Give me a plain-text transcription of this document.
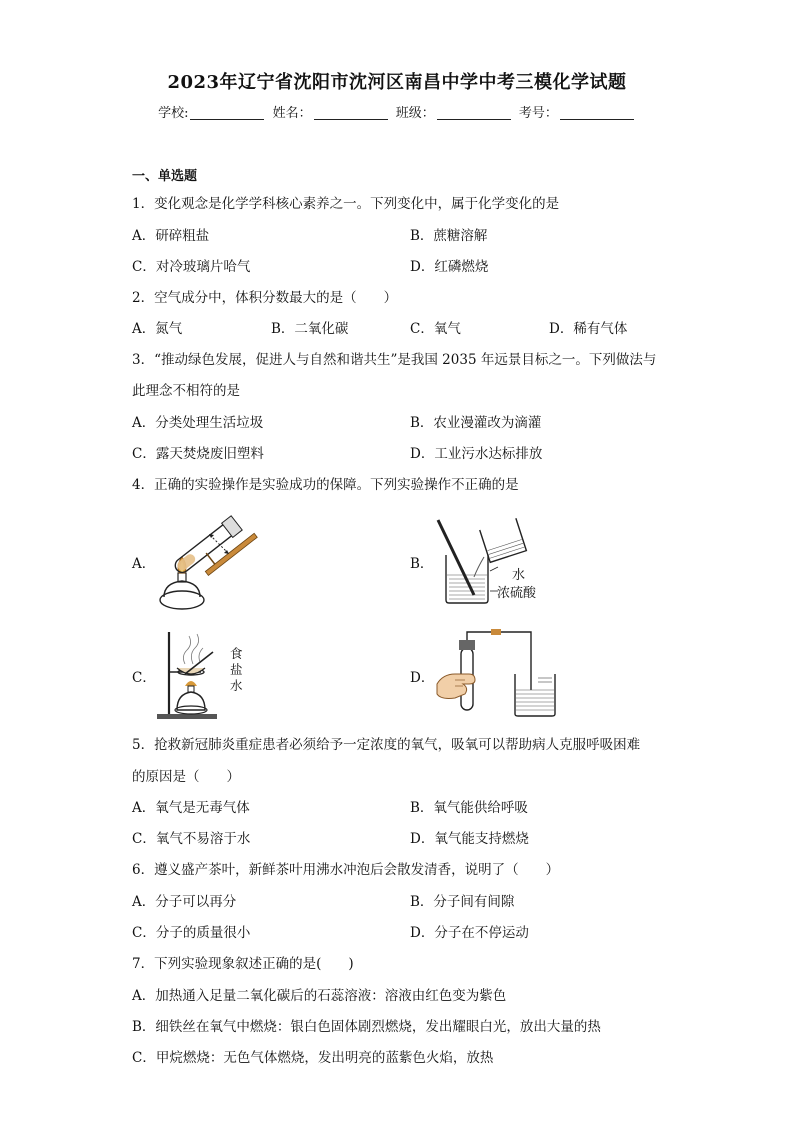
2023年辽宁省沈阳市沈河区南昌中学中考三模化学试题
学校:	姓名：	班级：	考号：
一、单选题
1．变化观念是化学学科核心素养之一。下列变化中，属于化学变化的是
A．研碎粗盐	B．蔗糖溶解
C．对冷玻璃片哈气	D．红磷燃烧
2．空气成分中，体积分数最大的是（　　）
A．氮气	B．二氧化碳	C．氧气	D．稀有气体
3．“推动绿色发展，促进人与自然和谐共生”是我国 2035 年远景目标之一。下列做法与
此理念不相符的是
A．分类处理生活垃圾	B．农业漫灌改为滴灌
C．露天焚烧废旧塑料	D．工业污水达标排放
4．正确的实验操作是实验成功的保障。下列实验操作不正确的是
A．	B．
水
浓硫酸
C．
食
盐
水	D．
5．抢救新冠肺炎重症患者必须给予一定浓度的氧气，吸氧可以帮助病人克服呼吸困难
的原因是（　　）
A．氧气是无毒气体	B．氧气能供给呼吸
C．氧气不易溶于水	D．氧气能支持燃烧
6．遵义盛产茶叶，新鲜茶叶用沸水冲泡后会散发清香，说明了（　　）
A．分子可以再分	B．分子间有间隙
C．分子的质量很小	D．分子在不停运动
7．下列实验现象叙述正确的是(　　)
A．加热通入足量二氧化碳后的石蕊溶液：溶液由红色变为紫色
B．细铁丝在氧气中燃烧：银白色固体剧烈燃烧，发出耀眼白光，放出大量的热
C．甲烷燃烧：无色气体燃烧，发出明亮的蓝紫色火焰，放热
